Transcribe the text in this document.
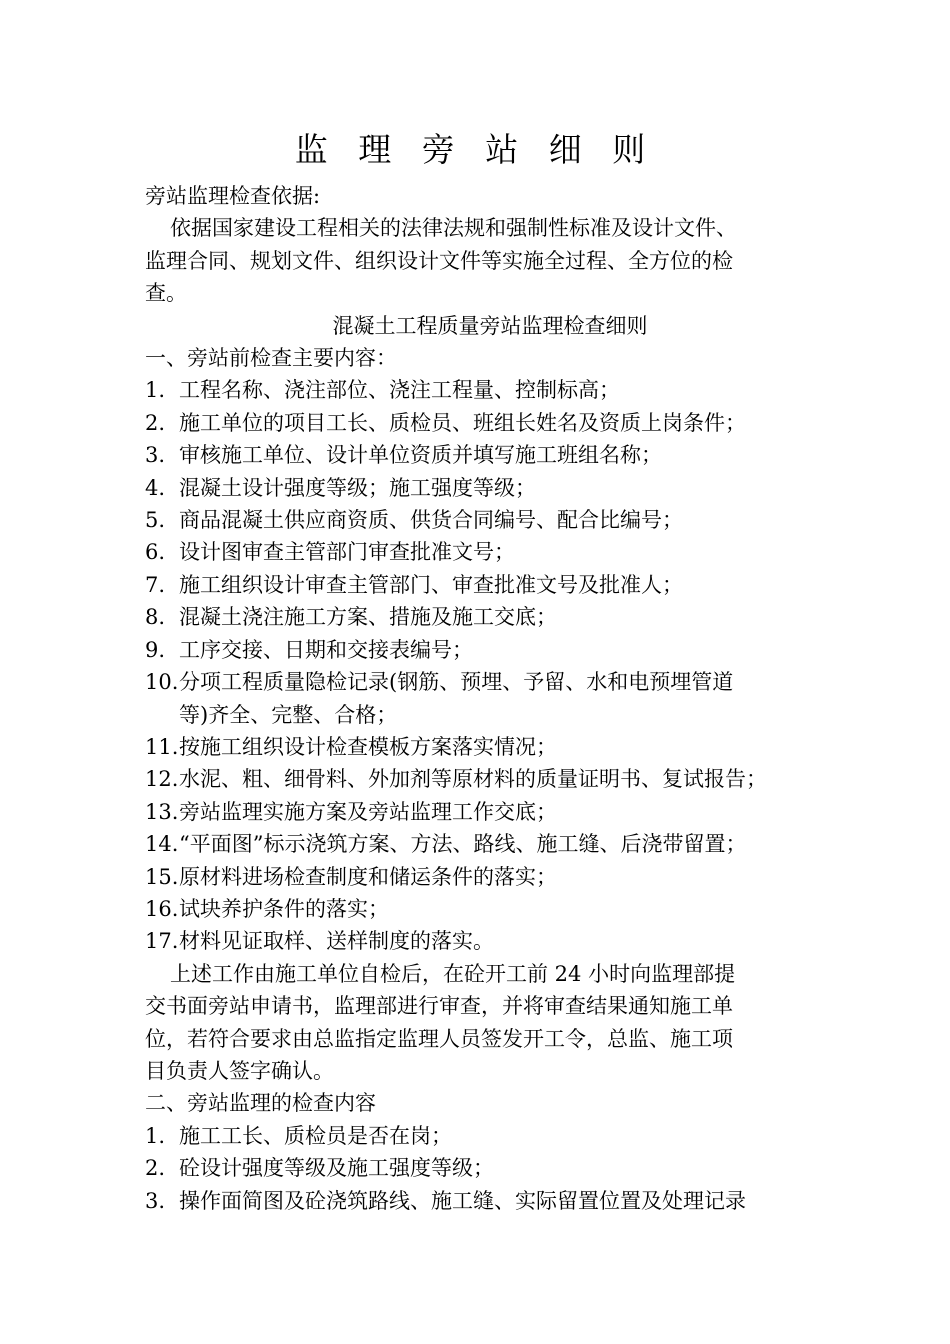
监 理 旁 站 细 则
旁站监理检查依据:
依据国家建设工程相关的法律法规和强制性标准及设计文件、
监理合同、规划文件、组织设计文件等实施全过程、全方位的检
查。
混凝土工程质量旁站监理检查细则
一、旁站前检查主要内容：
1. 工程名称、浇注部位、浇注工程量、控制标高；
2. 施工单位的项目工长、质检员、班组长姓名及资质上岗条件；
3. 审核施工单位、设计单位资质并填写施工班组名称；
4. 混凝土设计强度等级；施工强度等级；
5. 商品混凝土供应商资质、供货合同编号、配合比编号；
6. 设计图审查主管部门审查批准文号；
7. 施工组织设计审查主管部门、审查批准文号及批准人；
8. 混凝土浇注施工方案、措施及施工交底；
9. 工序交接、日期和交接表编号；
10. 分项工程质量隐检记录(钢筋、预埋、予留、水和电预埋管道
等)齐全、完整、合格；
11. 按施工组织设计检查模板方案落实情况；
12. 水泥、粗、细骨料、外加剂等原材料的质量证明书、复试报告；
13. 旁站监理实施方案及旁站监理工作交底；
14. “平面图”标示浇筑方案、方法、路线、施工缝、后浇带留置；
15. 原材料进场检查制度和储运条件的落实；
16. 试块养护条件的落实；
17. 材料见证取样、送样制度的落实。
上述工作由施工单位自检后，在砼开工前 24 小时向监理部提
交书面旁站申请书，监理部进行审查，并将审查结果通知施工单
位，若符合要求由总监指定监理人员签发开工令，总监、施工项
目负责人签字确认。
二、旁站监理的检查内容
1. 施工工长、质检员是否在岗；
2. 砼设计强度等级及施工强度等级；
3. 操作面简图及砼浇筑路线、施工缝、实际留置位置及处理记录
